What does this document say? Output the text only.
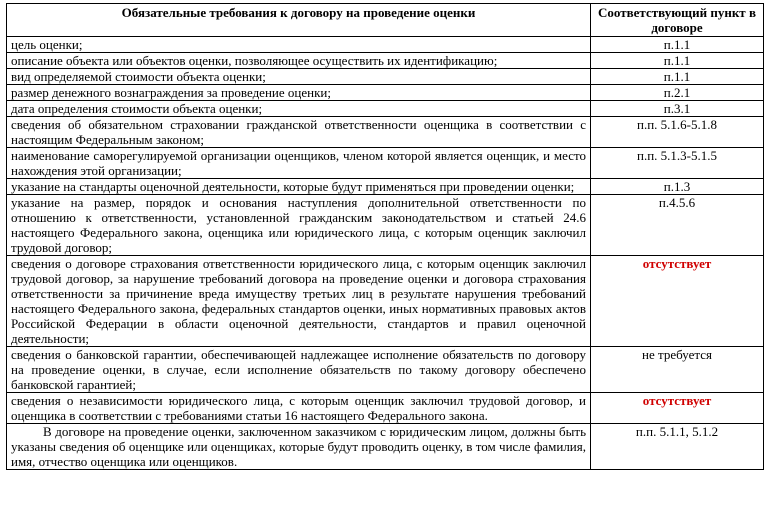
Обязательные требования к договору на проведение оценки	Соответствующий пункт в договоре
цель оценки;	п.1.1
описание объекта или объектов оценки, позволяющее осуществить их идентификацию;	п.1.1
вид определяемой стоимости объекта оценки;	п.1.1
размер денежного вознаграждения за проведение оценки;	п.2.1
дата определения стоимости объекта оценки;	п.3.1
сведения об обязательном страховании гражданской ответственности оценщика в соответствии с настоящим Федеральным законом;	п.п. 5.1.6-5.1.8
наименование саморегулируемой организации оценщиков, членом которой является оценщик, и место нахождения этой организации;	п.п. 5.1.3-5.1.5
указание на стандарты оценочной деятельности, которые будут применяться при проведении оценки;	п.1.3
указание на размер, порядок и основания наступления дополнительной ответственности по отношению к ответственности, установленной гражданским законодательством и статьей 24.6 настоящего Федерального закона, оценщика или юридического лица, с которым оценщик заключил трудовой договор;	п.4.5.6
сведения о договоре страхования ответственности юридического лица, с которым оценщик заключил трудовой договор, за нарушение требований договора на проведение оценки и договора страхования ответственности за причинение вреда имуществу третьих лиц в результате нарушения требований настоящего Федерального закона, федеральных стандартов оценки, иных нормативных правовых актов Российской Федерации в области оценочной деятельности, стандартов и правил оценочной деятельности;	отсутствует
сведения о банковской гарантии, обеспечивающей надлежащее исполнение обязательств по договору на проведение оценки, в случае, если исполнение обязательств по такому договору обеспечено банковской гарантией;	не требуется
сведения о независимости юридического лица, с которым оценщик заключил трудовой договор, и оценщика в соответствии с требованиями статьи 16 настоящего Федерального закона.	отсутствует
В договоре на проведение оценки, заключенном заказчиком с юридическим лицом, должны быть указаны сведения об оценщике или оценщиках, которые будут проводить оценку, в том числе фамилия, имя, отчество оценщика или оценщиков.	п.п. 5.1.1, 5.1.2
